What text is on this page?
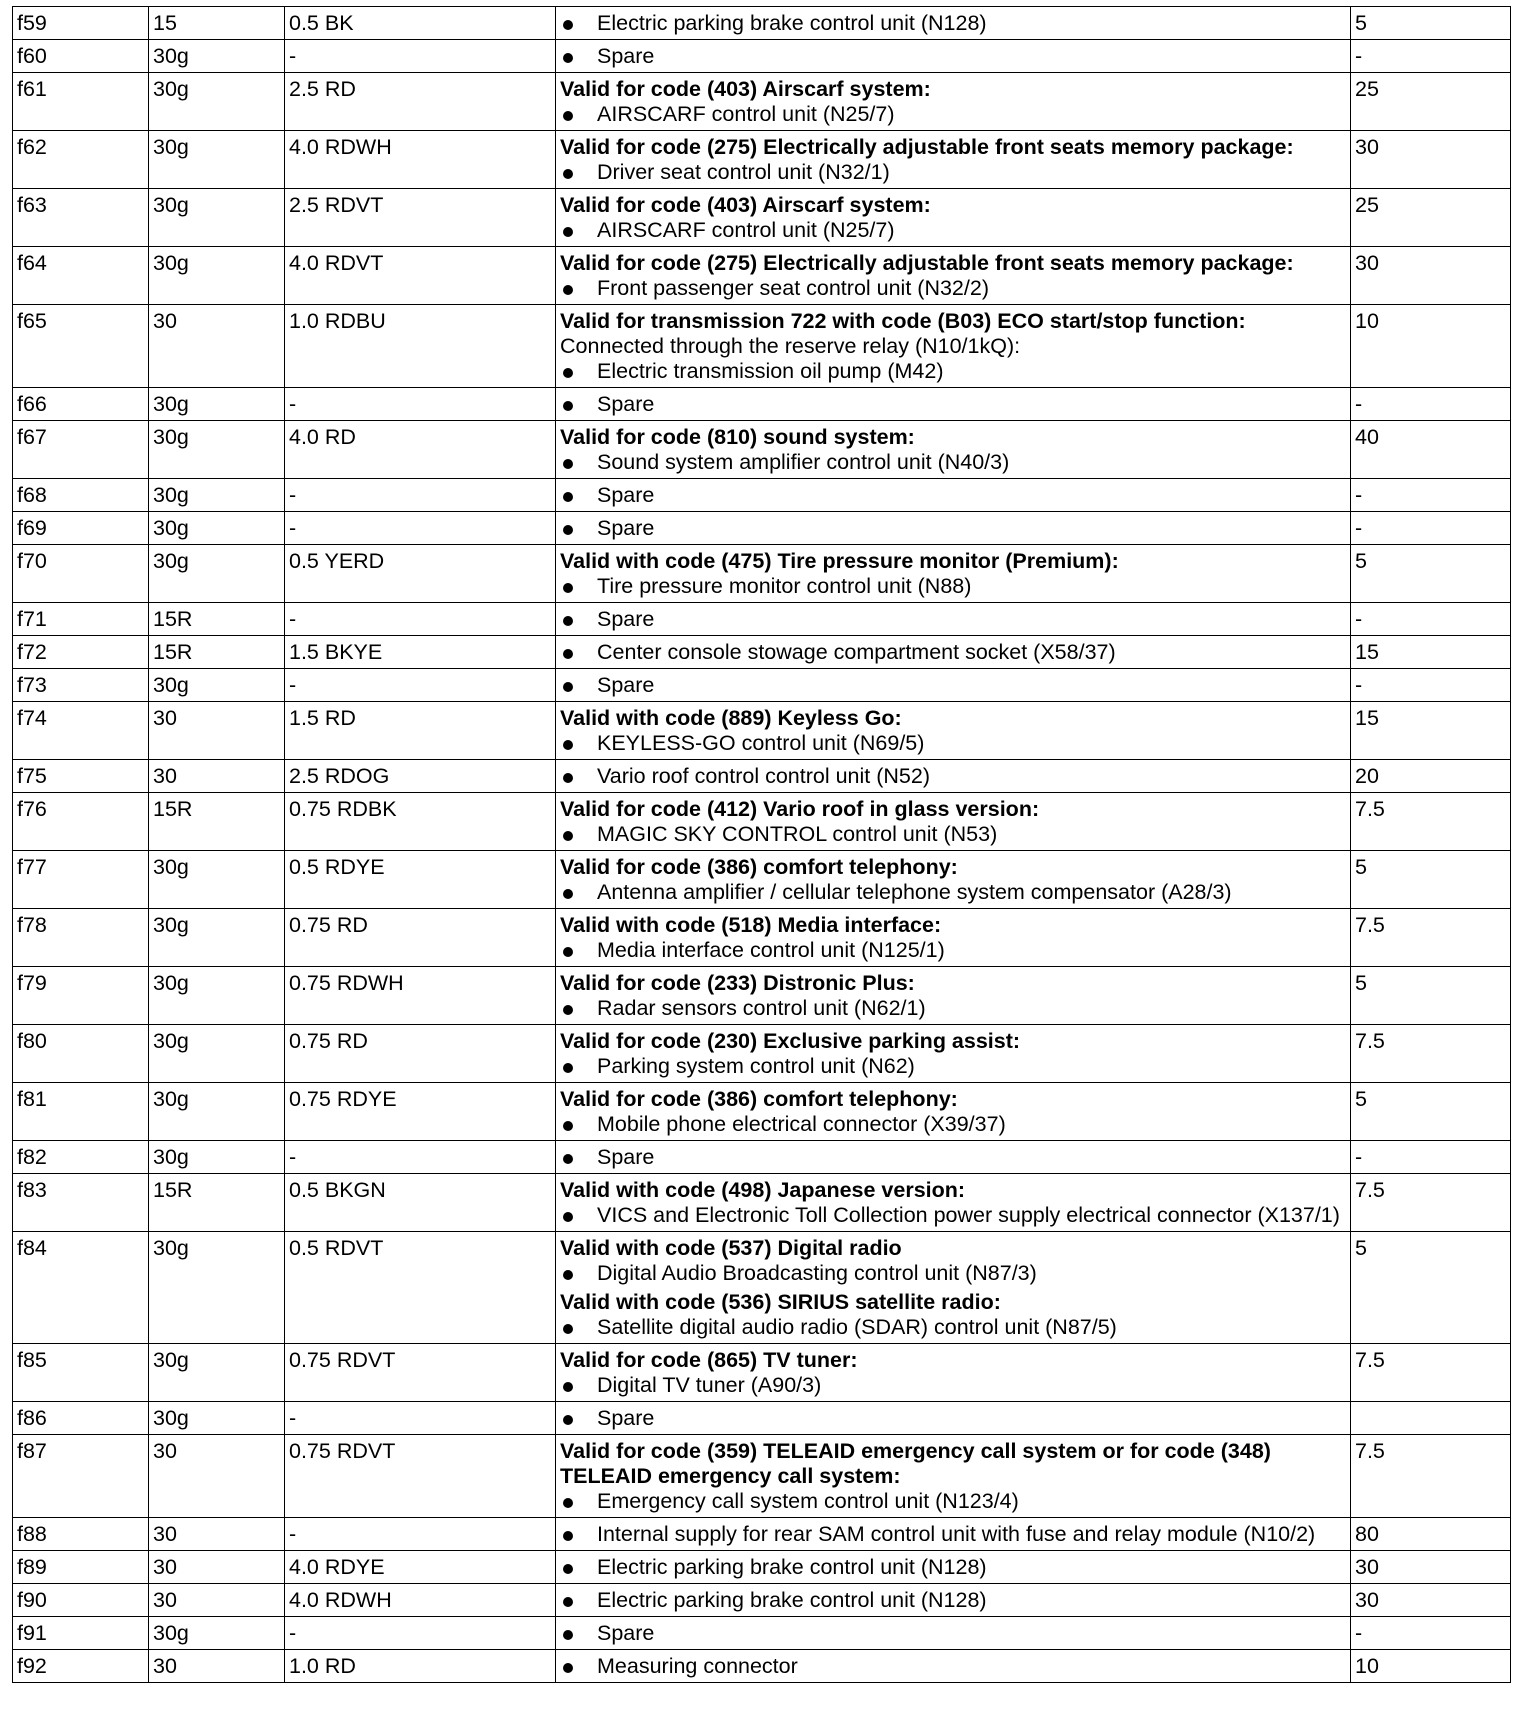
f59	15	0.5 BK	Electric parking brake control unit (N128)	5
f60	30g	-	Spare	-
f61	30g	2.5 RD	Valid for code (403) Airscarf system:
AIRSCARF control unit (N25/7)	25
f62	30g	4.0 RDWH	Valid for code (275) Electrically adjustable front seats memory package:
Driver seat control unit (N32/1)	30
f63	30g	2.5 RDVT	Valid for code (403) Airscarf system:
AIRSCARF control unit (N25/7)	25
f64	30g	4.0 RDVT	Valid for code (275) Electrically adjustable front seats memory package:
Front passenger seat control unit (N32/2)	30
f65	30	1.0 RDBU	Valid for transmission 722 with code (B03) ECO start/stop function:
Connected through the reserve relay (N10/1kQ):
Electric transmission oil pump (M42)	10
f66	30g	-	Spare	-
f67	30g	4.0 RD	Valid for code (810) sound system:
Sound system amplifier control unit (N40/3)	40
f68	30g	-	Spare	-
f69	30g	-	Spare	-
f70	30g	0.5 YERD	Valid with code (475) Tire pressure monitor (Premium):
Tire pressure monitor control unit (N88)	5
f71	15R	-	Spare	-
f72	15R	1.5 BKYE	Center console stowage compartment socket (X58/37)	15
f73	30g	-	Spare	-
f74	30	1.5 RD	Valid with code (889) Keyless Go:
KEYLESS-GO control unit (N69/5)	15
f75	30	2.5 RDOG	Vario roof control control unit (N52)	20
f76	15R	0.75 RDBK	Valid for code (412) Vario roof in glass version:
MAGIC SKY CONTROL control unit (N53)	7.5
f77	30g	0.5 RDYE	Valid for code (386) comfort telephony:
Antenna amplifier / cellular telephone system compensator (A28/3)	5
f78	30g	0.75 RD	Valid with code (518) Media interface:
Media interface control unit (N125/1)	7.5
f79	30g	0.75 RDWH	Valid for code (233) Distronic Plus:
Radar sensors control unit (N62/1)	5
f80	30g	0.75 RD	Valid for code (230) Exclusive parking assist:
Parking system control unit (N62)	7.5
f81	30g	0.75 RDYE	Valid for code (386) comfort telephony:
Mobile phone electrical connector (X39/37)	5
f82	30g	-	Spare	-
f83	15R	0.5 BKGN	Valid with code (498) Japanese version:
VICS and Electronic Toll Collection power supply electrical connector (X137/1)	7.5
f84	30g	0.5 RDVT	Valid with code (537) Digital radio
Digital Audio Broadcasting control unit (N87/3)
Valid with code (536) SIRIUS satellite radio:
Satellite digital audio radio (SDAR) control unit (N87/5)	5
f85	30g	0.75 RDVT	Valid for code (865) TV tuner:
Digital TV tuner (A90/3)	7.5
f86	30g	-	Spare	

f87	30	0.75 RDVT	Valid for code (359) TELEAID emergency call system or for code (348) TELEAID emergency call system:
Emergency call system control unit (N123/4)	7.5
f88	30	-	Internal supply for rear SAM control unit with fuse and relay module (N10/2)	80
f89	30	4.0 RDYE	Electric parking brake control unit (N128)	30
f90	30	4.0 RDWH	Electric parking brake control unit (N128)	30
f91	30g	-	Spare	-
f92	30	1.0 RD	Measuring connector	10
